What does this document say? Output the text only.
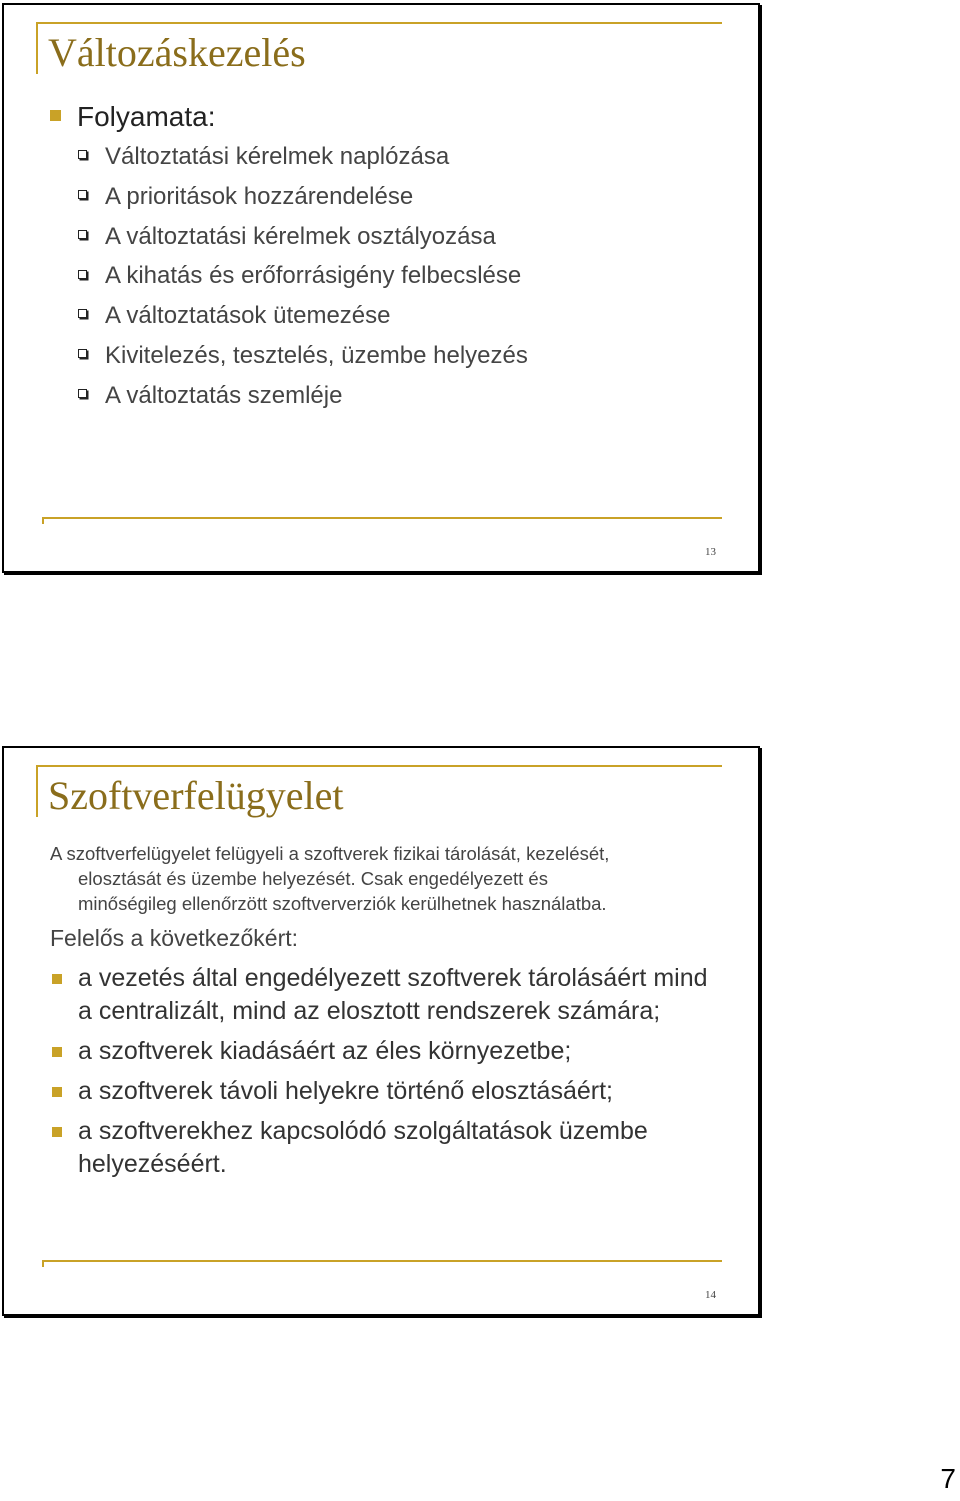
Változáskezelés
Folyamata:
Változtatási kérelmek naplózása
A prioritások hozzárendelése
A változtatási kérelmek osztályozása
A kihatás és erőforrásigény felbecslése
A változtatások ütemezése
Kivitelezés, tesztelés, üzembe helyezés
A változtatás szemléje
13
Szoftverfelügyelet
A szoftverfelügyelet felügyeli a szoftverek fizikai tárolását, kezelését,
elosztását és üzembe helyezését. Csak engedélyezett és
minőségileg ellenőrzött szoftververziók kerülhetnek használatba.
Felelős a következőkért:
a vezetés által engedélyezett szoftverek tárolásáért mind a centralizált, mind az elosztott rendszerek számára;
a szoftverek kiadásáért az éles környezetbe;
a szoftverek távoli helyekre történő elosztásáért;
a szoftverekhez kapcsolódó szolgáltatások üzembe helyezéséért.
14
7
